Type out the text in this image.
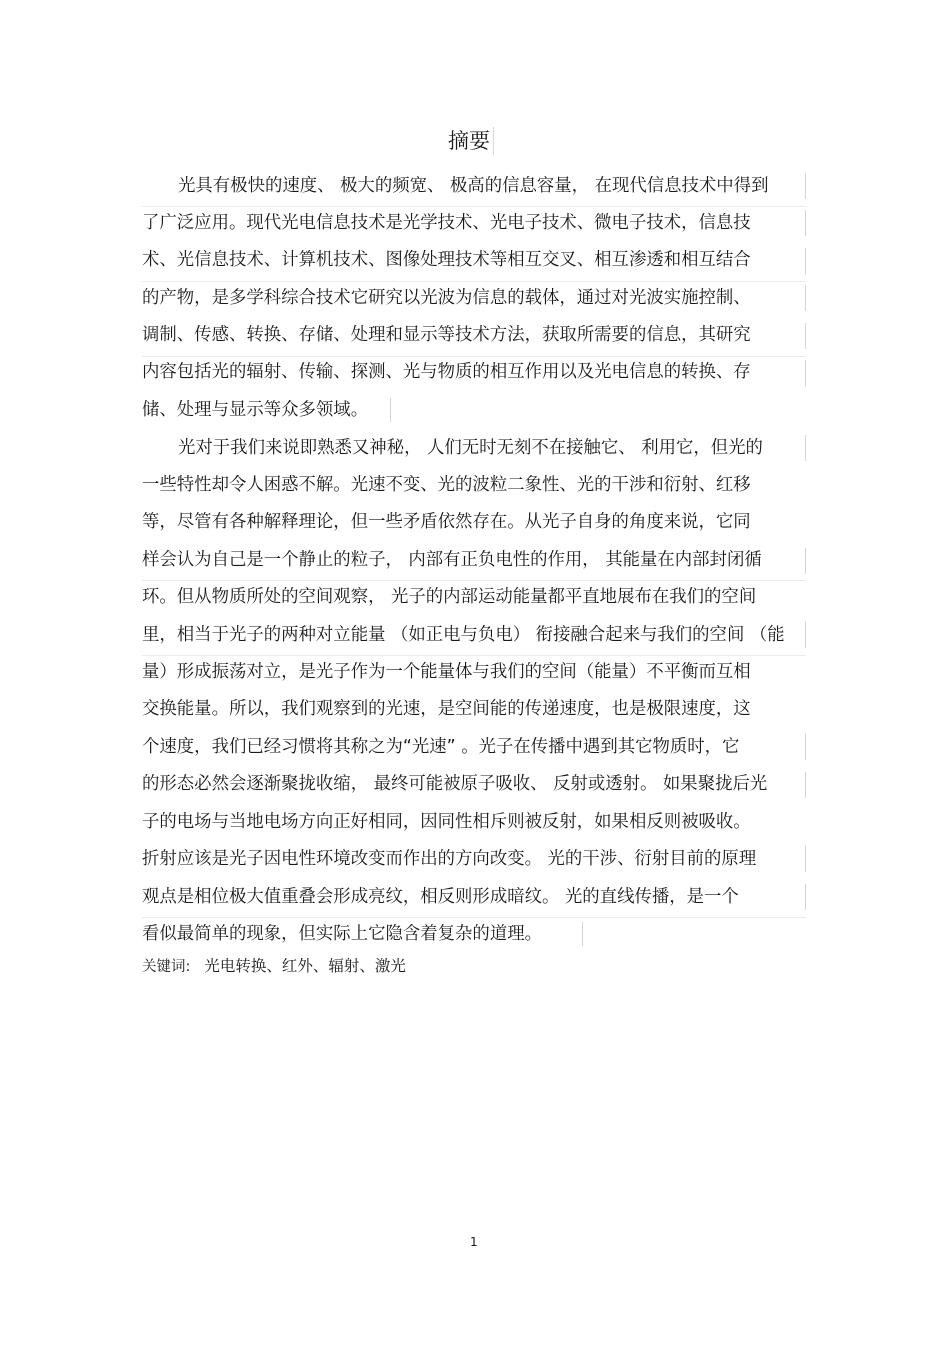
摘要
光具有极快的速度、 极大的频宽、 极高的信息容量， 在现代信息技术中得到
了广泛应用。现代光电信息技术是光学技术、光电子技术、微电子技术，信息技
术、光信息技术、计算机技术、图像处理技术等相互交叉、相互渗透和相互结合
的产物，是多学科综合技术它研究以光波为信息的载体，通过对光波实施控制、
调制、传感、转换、存储、处理和显示等技术方法，获取所需要的信息，其研究
内容包括光的辐射、传输、探测、光与物质的相互作用以及光电信息的转换、存
储、处理与显示等众多领域。
光对于我们来说即熟悉又神秘， 人们无时无刻不在接触它、 利用它，但光的
一些特性却令人困惑不解。光速不变、光的波粒二象性、光的干涉和衍射、红移
等，尽管有各种解释理论，但一些矛盾依然存在。从光子自身的角度来说，它同
样会认为自己是一个静止的粒子， 内部有正负电性的作用， 其能量在内部封闭循
环。但从物质所处的空间观察， 光子的内部运动能量都平直地展布在我们的空间
里，相当于光子的两种对立能量 （如正电与负电） 衔接融合起来与我们的空间 （能
量）形成振荡对立，是光子作为一个能量体与我们的空间（能量）不平衡而互相
交换能量。所以，我们观察到的光速，是空间能的传递速度，也是极限速度，这
个速度，我们已经习惯将其称之为“光速” 。光子在传播中遇到其它物质时，它
的形态必然会逐渐聚拢收缩， 最终可能被原子吸收、 反射或透射。 如果聚拢后光
子的电场与当地电场方向正好相同，因同性相斥则被反射，如果相反则被吸收。
折射应该是光子因电性环境改变而作出的方向改变。 光的干涉、衍射目前的原理
观点是相位极大值重叠会形成亮纹，相反则形成暗纹。 光的直线传播，是一个
看似最简单的现象，但实际上它隐含着复杂的道理。
关键词: 光电转换、红外、辐射、激光
1
